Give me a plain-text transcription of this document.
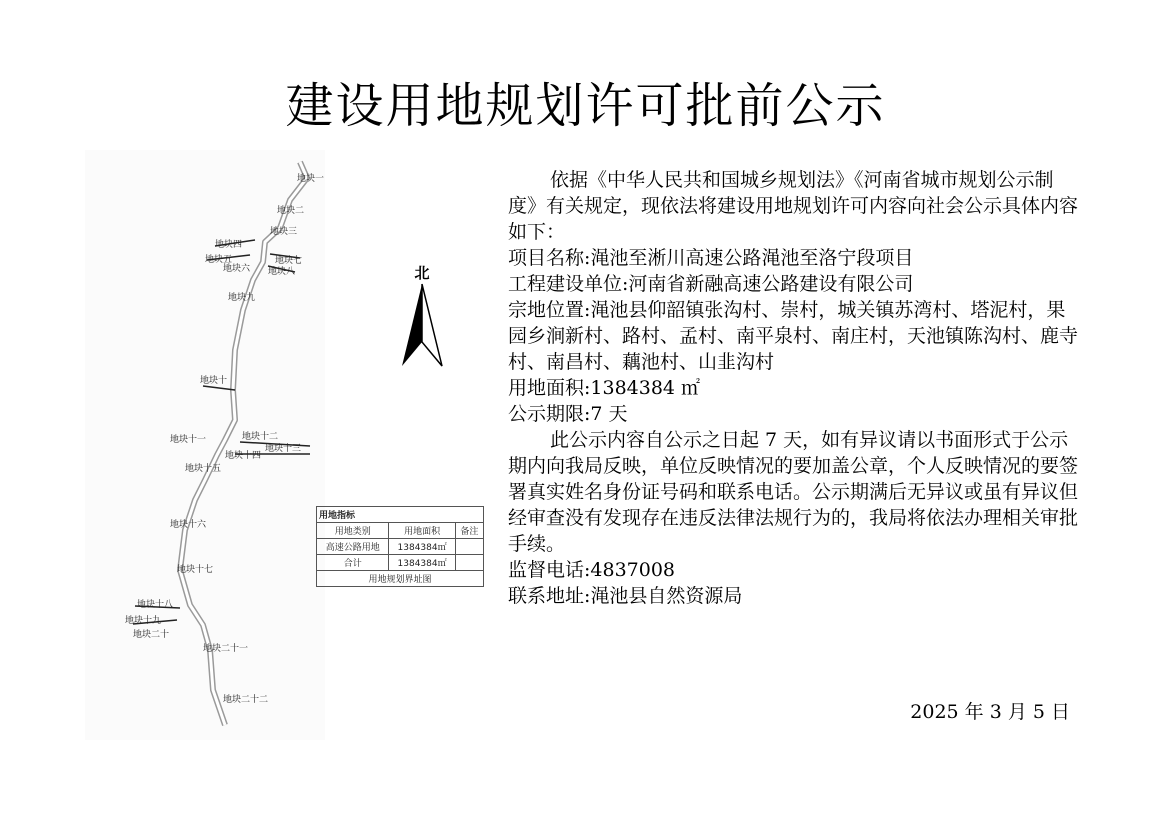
建设用地规划许可批前公示
地块一
地块二
地块三
地块四
地块五
地块六
地块七
地块八
地块九
地块十
地块十一	地块十二
地块十三
地块十四
地块十五
地块十六
地块十七
地块十八
地块十九
地块二十
地块二十一
地块二十二
北
用地指标		
用地类别	用地面积	备注
高速公路用地	1384384㎡	
合计	1384384㎡	
用地规划界址图		

依据《中华人民共和国城乡规划法》《河南省城市规划公示制度》有关规定，现依法将建设用地规划许可内容向社会公示具体内容如下：

项目名称:渑池至淅川高速公路渑池至洛宁段项目

工程建设单位:河南省新融高速公路建设有限公司

宗地位置:渑池县仰韶镇张沟村、崇村，城关镇苏湾村、塔泥村，果园乡涧新村、路村、孟村、南平泉村、南庄村，天池镇陈沟村、鹿寺村、南昌村、藕池村、山韭沟村

用地面积:1384384 ㎡

公示期限:7 天

此公示内容自公示之日起 7 天，如有异议请以书面形式于公示期内向我局反映，单位反映情况的要加盖公章，个人反映情况的要签署真实姓名身份证号码和联系电话。公示期满后无异议或虽有异议但经审查没有发现存在违反法律法规行为的，我局将依法办理相关审批手续。

监督电话:4837008

联系地址:渑池县自然资源局

2025 年 3 月 5 日
